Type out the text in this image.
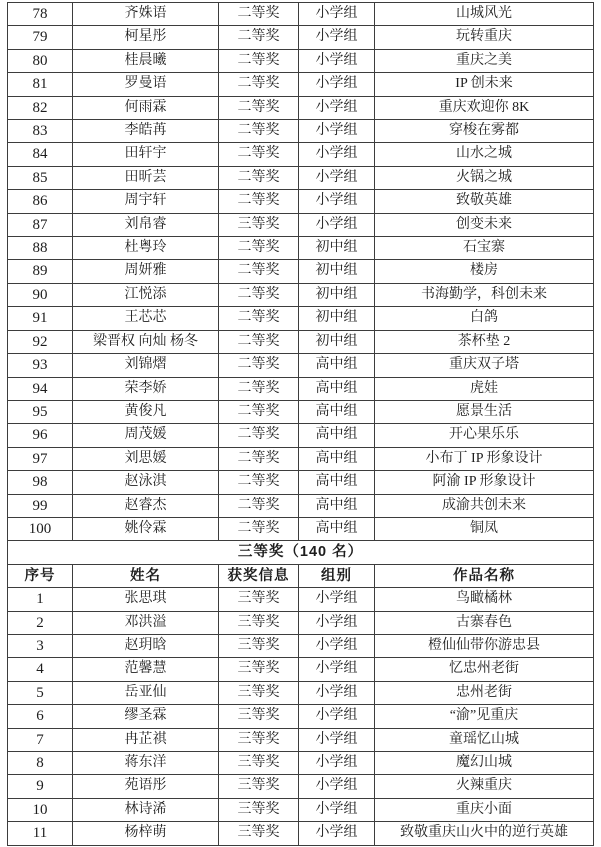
78	齐姝语	二等奖	小学组	山城风光
79	柯星彤	二等奖	小学组	玩转重庆
80	桂晨曦	二等奖	小学组	重庆之美
81	罗曼语	二等奖	小学组	IP 创未来
82	何雨霖	二等奖	小学组	重庆欢迎你 8K
83	李皓苒	二等奖	小学组	穿梭在雾都
84	田轩宇	二等奖	小学组	山水之城
85	田昕芸	二等奖	小学组	火锅之城
86	周宇轩	二等奖	小学组	致敬英雄
87	刘帛睿	三等奖	小学组	创变未来
88	杜粤玲	二等奖	初中组	石宝寨
89	周妍雅	二等奖	初中组	楼房
90	江悦添	二等奖	初中组	书海勤学，科创未来
91	王芯芯	二等奖	初中组	白鸽
92	梁晋权 向灿 杨冬	二等奖	初中组	茶杯垫 2
93	刘锦熠	二等奖	高中组	重庆双子塔
94	荣李娇	二等奖	高中组	虎娃
95	黄俊凡	二等奖	高中组	愿景生活
96	周茂媛	二等奖	高中组	开心果乐乐
97	刘思媛	二等奖	高中组	小布丁 IP 形象设计
98	赵泳淇	二等奖	高中组	阿渝 IP 形象设计
99	赵睿杰	二等奖	高中组	成渝共创未来
100	姚伶霖	二等奖	高中组	铜凤
三等奖（140 名）				
序号	姓名	获奖信息	组别	作品名称
1	张思琪	三等奖	小学组	鸟瞰橘林
2	邓洪溢	三等奖	小学组	古寨春色
3	赵玥晗	三等奖	小学组	橙仙仙带你游忠县
4	范馨慧	三等奖	小学组	忆忠州老街
5	岳亚仙	三等奖	小学组	忠州老街
6	缪圣霖	三等奖	小学组	“渝”见重庆
7	冉芷祺	三等奖	小学组	童瑶忆山城
8	蒋东洋	三等奖	小学组	魔幻山城
9	苑语彤	三等奖	小学组	火辣重庆
10	林诗浠	三等奖	小学组	重庆小面
11	杨梓萌	三等奖	小学组	致敬重庆山火中的逆行英雄
